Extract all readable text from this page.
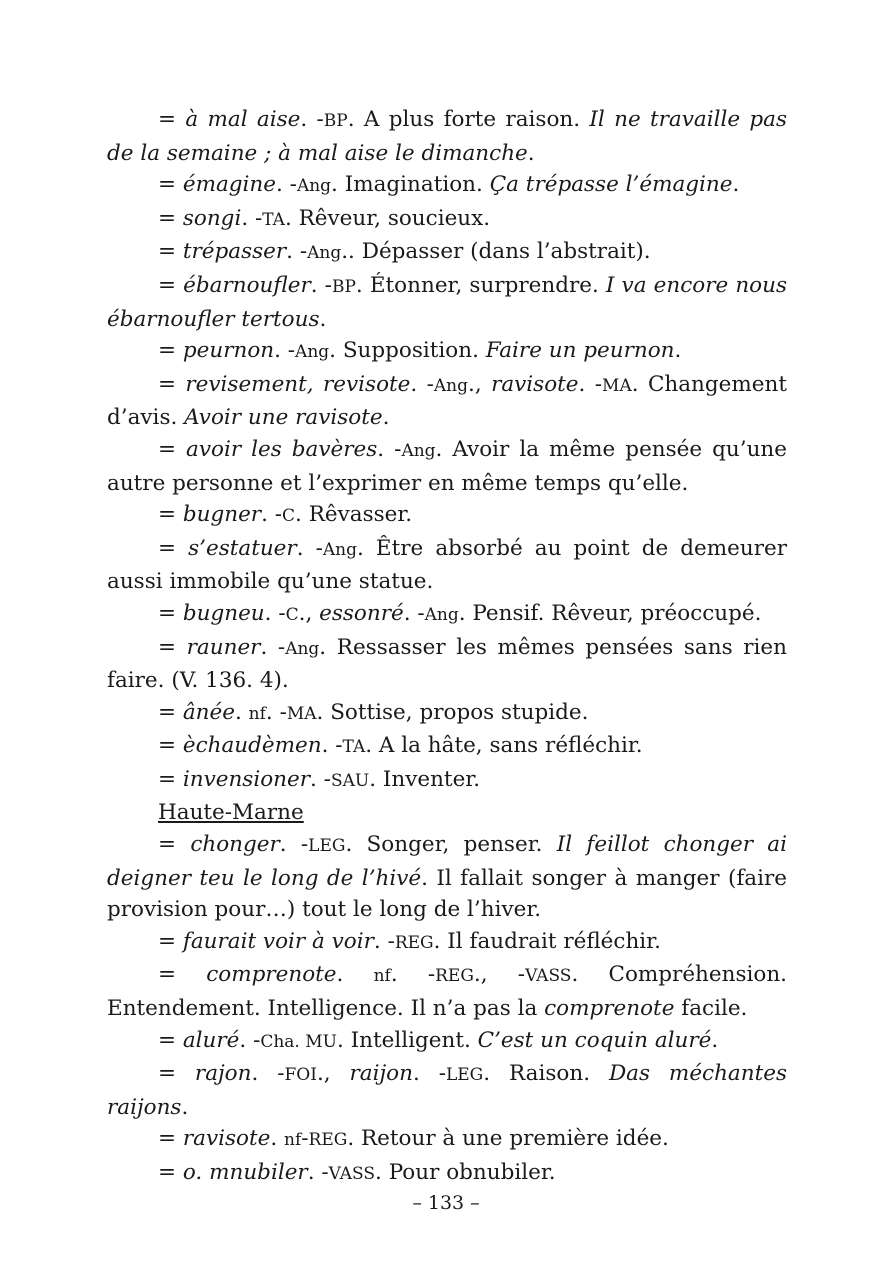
= à mal aise. -BP. A plus forte raison. Il ne travaille pas de la semaine ; à mal aise le dimanche.

= émagine. -Ang. Imagination. Ça trépasse l’émagine.

= songi. -TA. Rêveur, soucieux.

= trépasser. -Ang.. Dépasser (dans l’abstrait).

= ébarnoufler. -BP. Étonner, surprendre. I va encore nous ébarnoufler tertous.

= peurnon. -Ang. Supposition. Faire un peurnon.

= revisement, revisote. -Ang., ravisote. -MA. Changement d’avis. Avoir une ravisote.

= avoir les bavères. -Ang. Avoir la même pensée qu’une autre personne et l’exprimer en même temps qu’elle.

= bugner. -C. Rêvasser.

= s’estatuer. -Ang. Être absorbé au point de demeurer aussi immobile qu’une statue.

= bugneu. -C., essonré. -Ang. Pensif. Rêveur, préoccupé.

= rauner. -Ang. Ressasser les mêmes pensées sans rien faire. (V. 136. 4).

= ânée. nf. -MA. Sottise, propos stupide.

= èchaudèmen. -TA. A la hâte, sans réfléchir.

= invensioner. -SAU. Inventer.

Haute-Marne

= chonger. -LEG. Songer, penser. Il feillot chonger ai deigner teu le long de l’hivé. Il fallait songer à manger (faire provision pour…) tout le long de l’hiver.

= faurait voir à voir. -REG. Il faudrait réfléchir.

= comprenote. nf. -REG., -VASS. Compréhension. Entendement. Intelligence. Il n’a pas la comprenote facile.

= aluré. -Cha. MU. Intelligent. C’est un coquin aluré.

= rajon. -FOI., raijon. -LEG. Raison. Das méchantes raijons.

= ravisote. nf-REG. Retour à une première idée.

= o. mnubiler. -VASS. Pour obnubiler.

– 133 –
